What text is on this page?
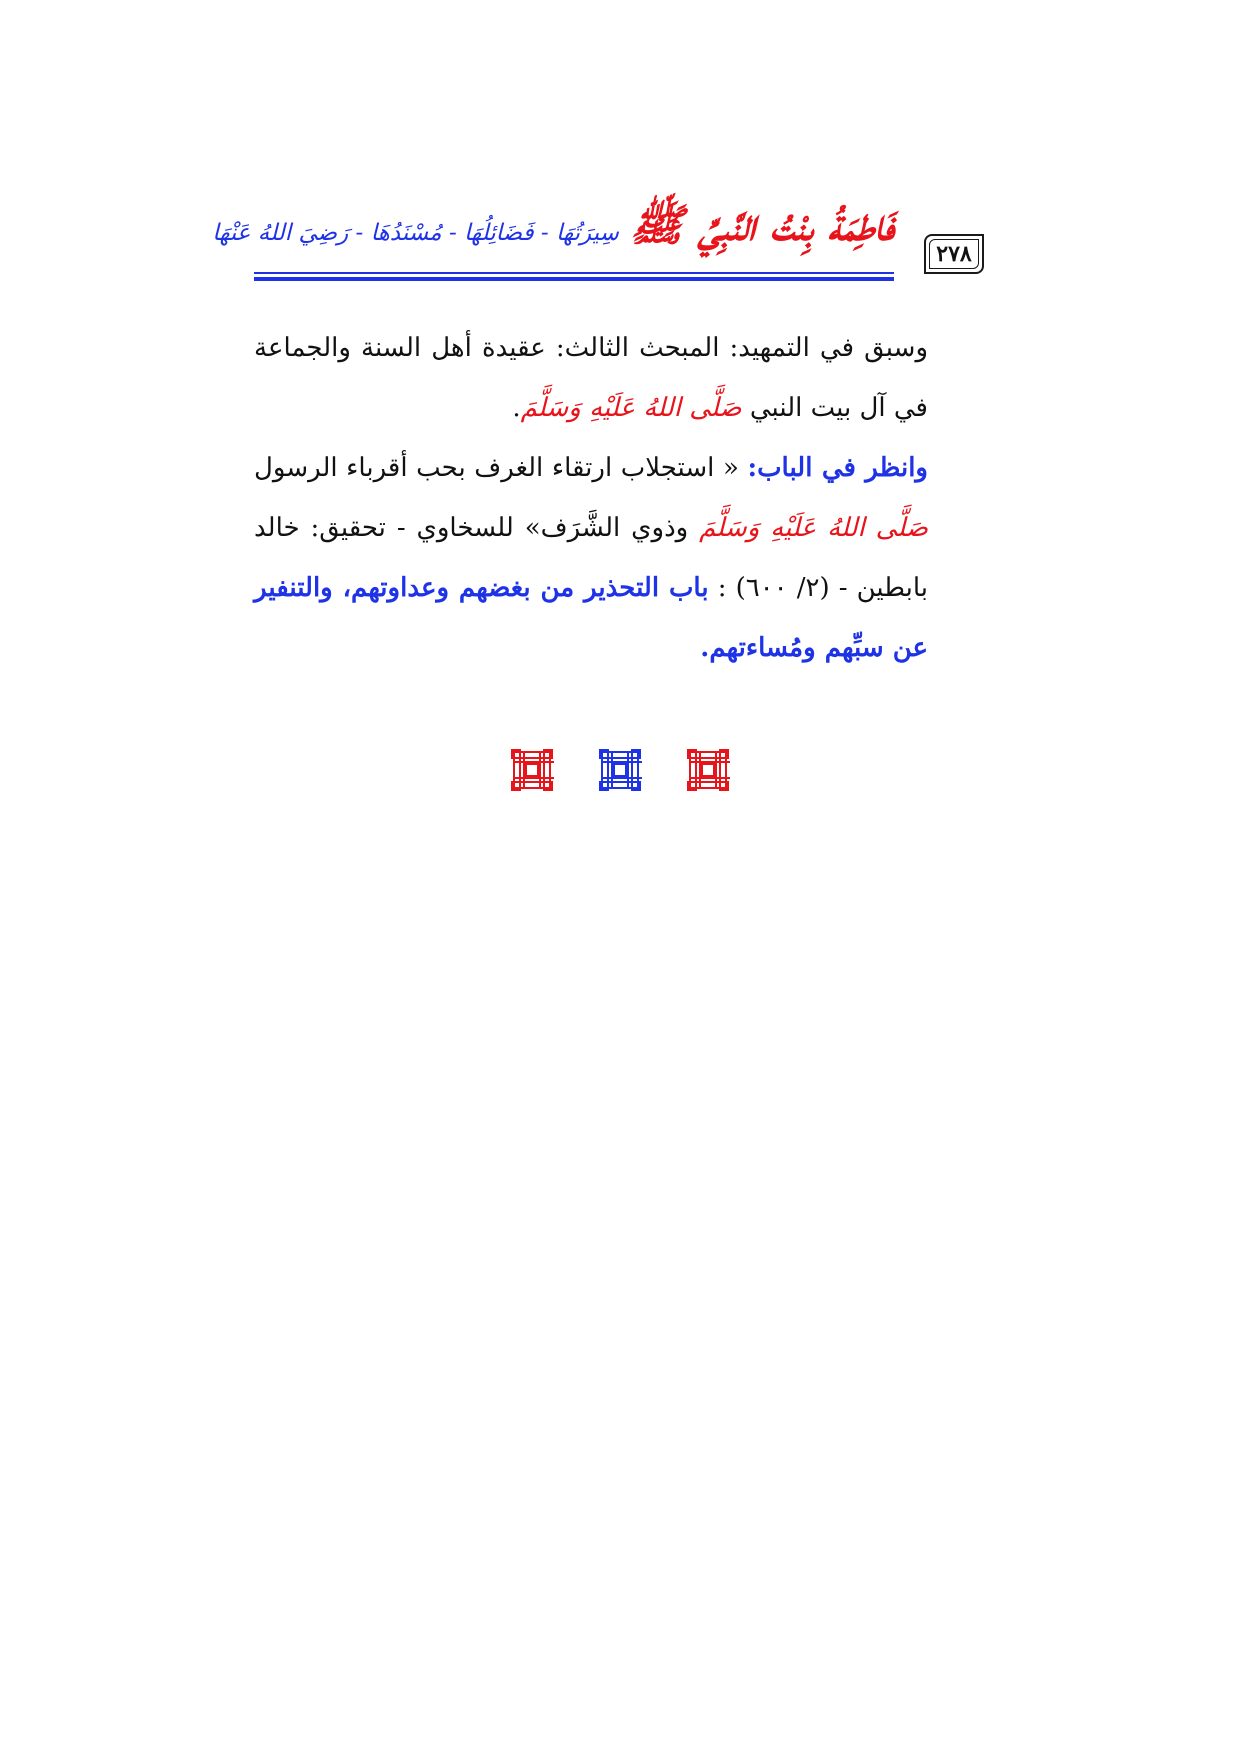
فَاطِمَةُ بِنْتُ النَّبِيِّ ﷺ سِيرَتُهَا - فَضَائِلُهَا - مُسْنَدُهَا - رَضِيَ اللهُ عَنْهَا
٢٧٨

وسبق في التمهيد: المبحث الثالث: عقيدة أهل السنة والجماعة في آل بيت النبي صَلَّى اللهُ عَلَيْهِ وَسَلَّمَ.

وانظر في الباب: « استجلاب ارتقاء الغرف بحب أقرباء الرسول صَلَّى اللهُ عَلَيْهِ وَسَلَّمَ وذوي الشَّرَف» للسخاوي - تحقيق: خالد بابطين - (٢/ ٦٠٠) : باب التحذير من بغضهم وعداوتهم، والتنفير عن سبِّهم ومُساءتهم.
